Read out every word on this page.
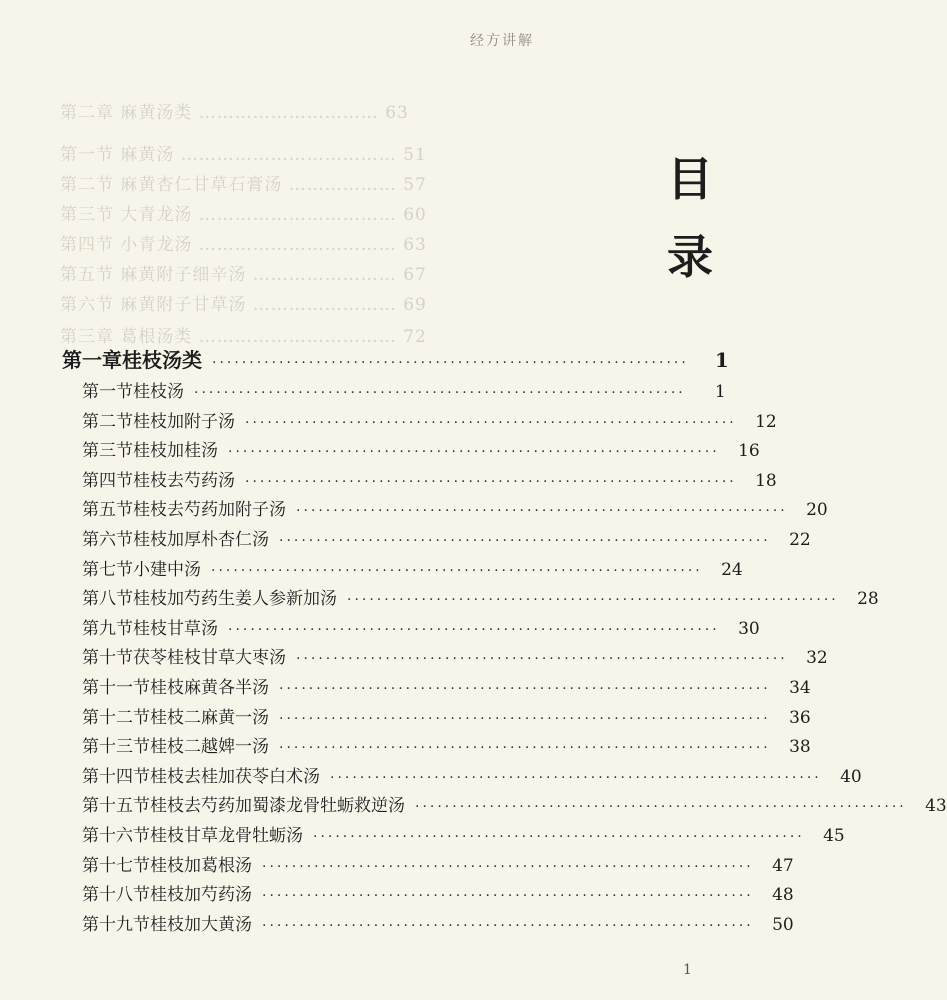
经方讲解
第二章 麻黄汤类 ………………………… 63
第一节 麻黄汤 ……………………………… 51
第二节 麻黄杏仁甘草石膏汤 ……………… 57
第三节 大青龙汤 …………………………… 60
第四节 小青龙汤 …………………………… 63
第五节 麻黄附子细辛汤 …………………… 67
第六节 麻黄附子甘草汤 …………………… 69
第三章 葛根汤类 …………………………… 72
目
录
第一章 桂枝汤类 ································································	1
第一节 桂枝汤 ··································································	1
第二节 桂枝加附子汤 ··································································	12
第三节 桂枝加桂汤 ··································································	16
第四节 桂枝去芍药汤 ··································································	18
第五节 桂枝去芍药加附子汤 ··································································	20
第六节 桂枝加厚朴杏仁汤 ··································································	22
第七节 小建中汤 ··································································	24
第八节 桂枝加芍药生姜人参新加汤 ··································································	28
第九节 桂枝甘草汤 ··································································	30
第十节 茯苓桂枝甘草大枣汤 ··································································	32
第十一节 桂枝麻黄各半汤 ··································································	34
第十二节 桂枝二麻黄一汤 ··································································	36
第十三节 桂枝二越婢一汤 ··································································	38
第十四节 桂枝去桂加茯苓白术汤 ··································································	40
第十五节 桂枝去芍药加蜀漆龙骨牡蛎救逆汤 ··································································	43
第十六节 桂枝甘草龙骨牡蛎汤 ··································································	45
第十七节 桂枝加葛根汤 ··································································	47
第十八节 桂枝加芍药汤 ··································································	48
第十九节 桂枝加大黄汤 ··································································	50
1
